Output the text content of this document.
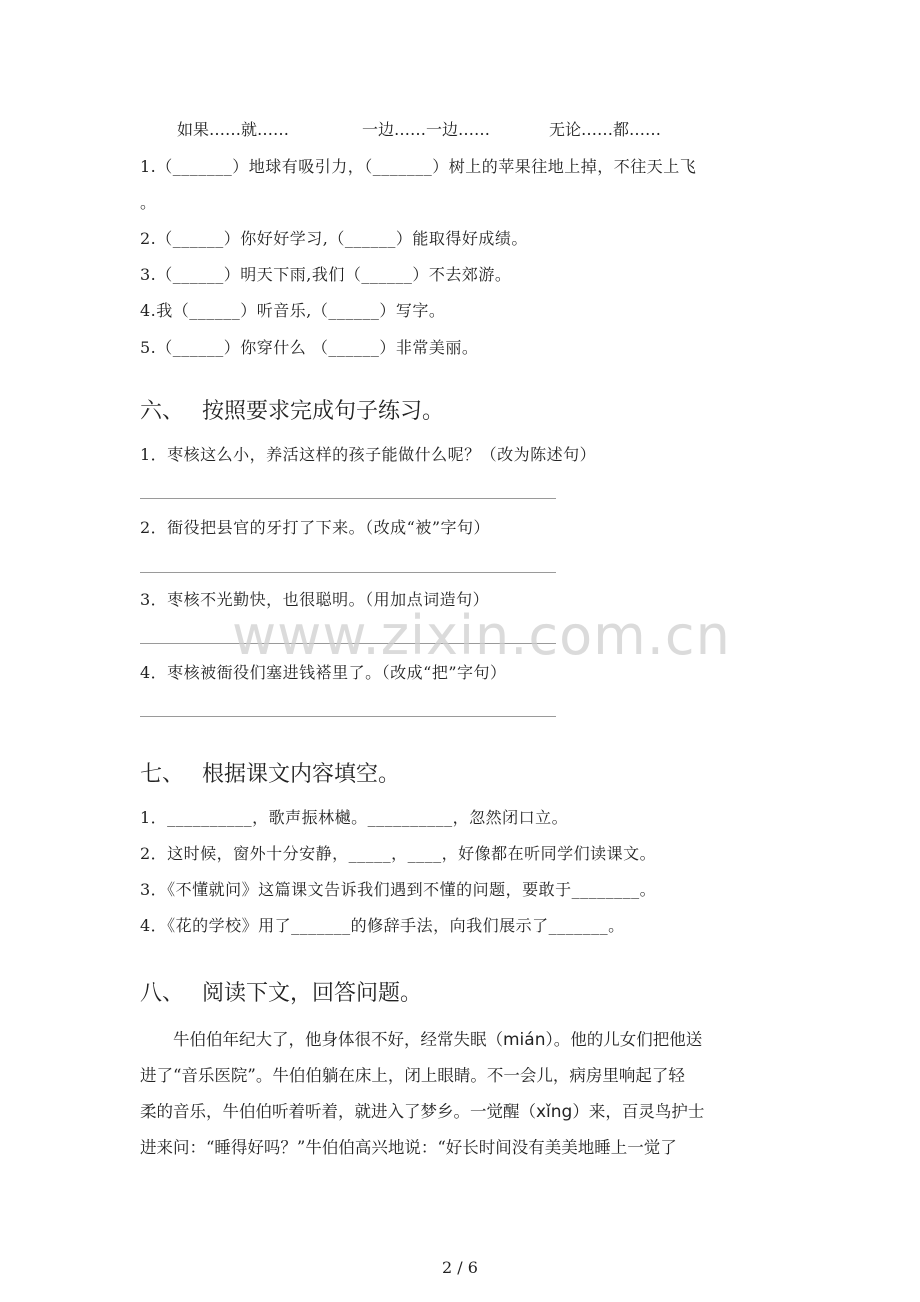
如果……就……	一边……一边……	无论……都……
1.（_______）地球有吸引力，（_______）树上的苹果往地上掉，不往天上飞
。
2.（______）你好好学习,（______）能取得好成绩。
3.（______）明天下雨,我们（______）不去郊游。
4.我（______）听音乐,（______）写字。
5.（______）你穿什么 （______）非常美丽。
六、 按照要求完成句子练习。
1．枣核这么小，养活这样的孩子能做什么呢？（改为陈述句）
2．衙役把县官的牙打了下来。（改成“被”字句）
3．枣核不光勤快，也很聪明。（用加点词造句）
4．枣核被衙役们塞进钱褡里了。（改成“把”字句）
七、 根据课文内容填空。
1．__________，歌声振林樾。__________，忽然闭口立。
2．这时候，窗外十分安静，_____，____，好像都在听同学们读课文。
3．《不懂就问》这篇课文告诉我们遇到不懂的问题，要敢于________。
4．《花的学校》用了_______的修辞手法，向我们展示了_______。
八、 阅读下文，回答问题。
牛伯伯年纪大了，他身体很不好，经常失眠（mián）。他的儿女们把他送
进了“音乐医院”。牛伯伯躺在床上，闭上眼睛。不一会儿，病房里响起了轻
柔的音乐，牛伯伯听着听着，就进入了梦乡。一觉醒（xǐng）来，百灵鸟护士
进来问：“睡得好吗？”牛伯伯高兴地说：“好长时间没有美美地睡上一觉了
www.zixin.com.cn
2 / 6
